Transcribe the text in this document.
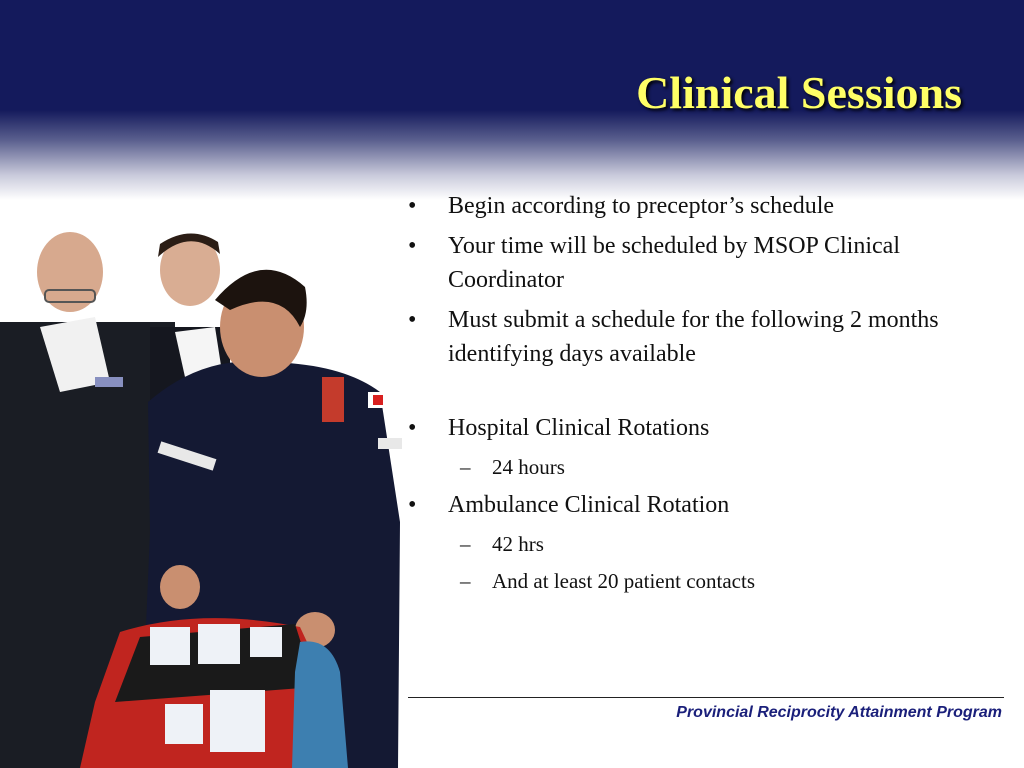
Clinical Sessions
• Begin according to preceptor’s schedule
• Your time will be scheduled by MSOP Clinical Coordinator
• Must submit a schedule for the following 2 months identifying days available
• Hospital Clinical Rotations
– 24 hours
• Ambulance Clinical Rotation
– 42 hrs
– And at least 20 patient contacts
Provincial Reciprocity Attainment Program
